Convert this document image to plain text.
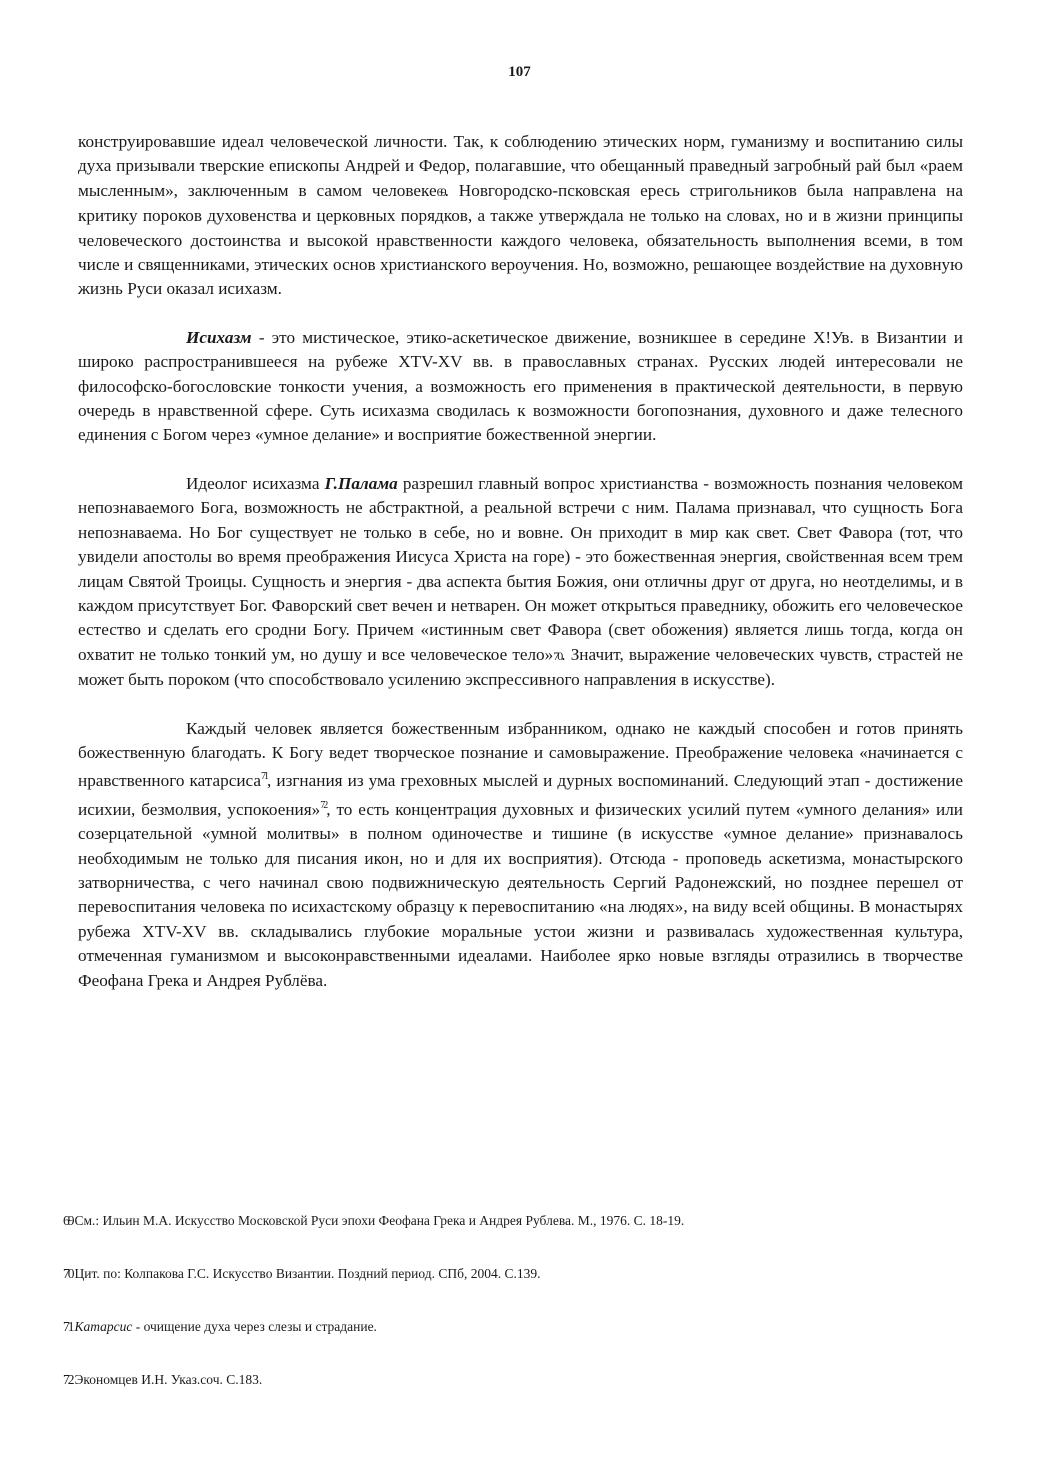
107

конструировавшие идеал человеческой личности. Так, к соблюдению этических норм, гуманизму и воспитанию силы духа призывали тверские епископы Андрей и Федор, полагавшие, что обещанный праведный загробный рай был «раем мысленным», заключенным в самом человеке69. Новгородско-псковская ересь стригольников была направлена на критику пороков духовенства и церковных порядков, а также утверждала не только на словах, но и в жизни принципы человеческого достоинства и высокой нравственности каждого человека, обязательность выполнения всеми, в том числе и священниками, этических основ христианского вероучения. Но, возможно, решающее воздействие на духовную жизнь Руси оказал исихазм.

Исихазм - это мистическое, этико-аскетическое движение, возникшее в середине X!Ув. в Византии и широко распространившееся на рубеже XTV-XV вв. в православных странах. Русских людей интересовали не философско-богословские тонкости учения, а возможность его применения в практической деятельности, в первую очередь в нравственной сфере. Суть исихазма сводилась к возможности богопознания, духовного и даже телесного единения с Богом через «умное делание» и восприятие божественной энергии.

Идеолог исихазма Г.Палама разрешил главный вопрос христианства - возможность познания человеком непознаваемого Бога, возможность не абстрактной, а реальной встречи с ним. Палама признавал, что сущность Бога непознаваема. Но Бог существует не только в себе, но и вовне. Он приходит в мир как свет. Свет Фавора (тот, что увидели апостолы во время преображения Иисуса Христа на горе) - это божественная энергия, свойственная всем трем лицам Святой Троицы. Сущность и энергия - два аспекта бытия Божия, они отличны друг от друга, но неотделимы, и в каждом присутствует Бог. Фаворский свет вечен и нетварен. Он может открыться праведнику, обожить его человеческое естество и сделать его сродни Богу. Причем «истинным свет Фавора (свет обожения) является лишь тогда, когда он охватит не только тонкий ум, но душу и все человеческое тело»70. Значит, выражение человеческих чувств, страстей не может быть пороком (что способствовало усилению экспрессивного направления в искусстве).

Каждый человек является божественным избранником, однако не каждый способен и готов принять божественную благодать. К Богу ведет творческое познание и самовыражение. Преображение человека «начинается с нравственного катарсиса$^{71}$, изгнания из ума греховных мыслей и дурных воспоминаний. Следующий этап - достижение исихии, безмолвия, успокоения»$^{72}$, то есть концентрация духовных и физических усилий путем «умного делания» или созерцательной «умной молитвы» в полном одиночестве и тишине (в искусстве «умное делание» признавалось необходимым не только для писания икон, но и для их восприятия). Отсюда - проповедь аскетизма, монастырского затворничества, с чего начинал свою подвижническую деятельность Сергий Радонежский, но позднее перешел от перевоспитания человека по исихастскому образцу к перевоспитанию «на людях», на виду всей общины. В монастырях рубежа XTV-XV вв. складывались глубокие моральные устои жизни и развивалась художественная культура, отмеченная гуманизмом и высоконравственными идеалами. Наиболее ярко новые взгляды отразились в творчестве Феофана Грека и Андрея Рублёва.

69 См.: Ильин М.А. Искусство Московской Руси эпохи Феофана Грека и Андрея Рублева. М., 1976. С. 18-19.
70 Цит. по: Колпакова Г.С. Искусство Византии. Поздний период. СПб, 2004. С.139.
71 Катарсис - очищение духа через слезы и страдание.
72 Экономцев И.Н. Указ.соч. С.183.
